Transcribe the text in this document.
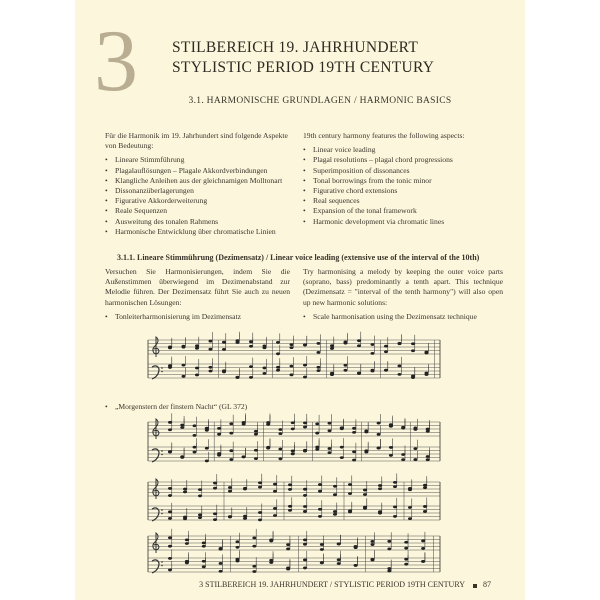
3 STILBEREICH 19. JAHRHUNDERT
STYLISTIC PERIOD 19TH CENTURY
3.1. HARMONISCHE GRUNDLAGEN / HARMONIC BASICS
Für die Harmonik im 19. Jahrhundert sind folgende Aspekte von Bedeutung:
• Lineare Stimmführung
• Plagalauflösungen – Plagale Akkordverbindungen
• Klangliche Anleihen aus der gleichnamigen Molltonart
• Dissonanzüberlagerungen
• Figurative Akkorderweiterung
• Reale Sequenzen
• Ausweitung des tonalen Rahmens
• Harmonische Entwicklung über chromatische Linien
19th century harmony features the following aspects:
• Linear voice leading
• Plagal resolutions – plagal chord progressions
• Superimposition of dissonances
• Tonal borrowings from the tonic minor
• Figurative chord extensions
• Real sequences
• Expansion of the tonal framework
• Harmonic development via chromatic lines
3.1.1. Lineare Stimmührung (Dezimensatz) / Linear voice leading (extensive use of the interval of the 10th)
Versuchen Sie Harmonisierungen, indem Sie die Außenstimmen überwiegend im Dezimenabstand zur Melodie führen. Der Dezimensatz führt Sie auch zu neuen harmonischen Lösungen:
• Tonleiterharmonisierung im Dezimensatz
Try harmonising a melody by keeping the outer voice parts (soprano, bass) predominantly a tenth apart. This technique (Dezimensatz = "interval of the tenth harmony") will also open up new harmonic solutions:
• Scale harmonisation using the Dezimensatz technique
• „Morgenstern der finstern Nacht“ (GL 372)
3 STILBEREICH 19. JAHRHUNDERT / STYLISTIC PERIOD 19TH CENTURY 87
